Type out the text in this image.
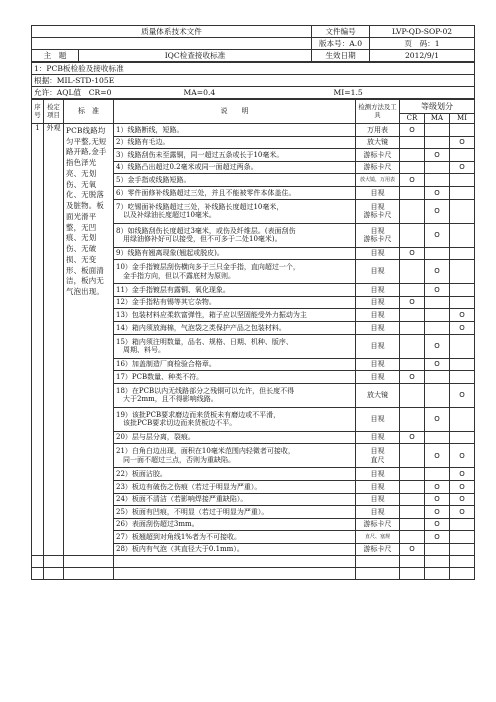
质量体系技术文件		文件编号	LVP-QD-SOP-02
		版本号：A.0	页　码：1
主　题	IQC检查接收标准	生效日期	2012/9/1
1：PCB板检验及接收标准
根据：MIL-STD-105E
允许：AQL值　CR=0	MA=0.4	MI=1.5
序号	检定项目	标　准	说　　明	检测方法及工具	等级划分		
					CR	MA	MI
1	外观	PCB线路均匀平整,无短路开路,金手指色泽光亮、无划伤、无氧化、无脱落及脏物。板面光滑平整，无凹痕、无划伤、无破损、无变形、板面清洁，板内无气泡出现。	1）线路断线，短路。	万用表	O		
			2）线路有毛边。	放大镜			O
			3）线路刮伤未至露铜，同一超过五条或长于10毫米。	游标卡尺		O	
			4）线路凸出超过0.2毫米或同一面超过两条。	游标卡尺			O
			5）金手指或线路短路。	放大镜，万用表	O		
			6）零件面修补线路超过三处，并且不能被零件本体盖住。	目视		O	
			7）吃锡面补线路超过三处，补线路长度超过10毫米，
　以及补绿油长度超过10毫米。	目视
游标卡尺		O	
			8）如线路刮伤长度超过3毫米，或伤及纤维层。(表面刮伤
　用绿油修补好可以接受，但不可多于二处10毫米)。	目视
游标卡尺		O	
			9）线路有翘离现象(翘起或脱皮)。	目视	O		
			10）金手指镀层刮伤横向多于三只金手指，直向超过一个，
　金手指方向，但以不露底材为原则。	目视		O	
			11）金手指镀层有露铜、氧化现象。	目视		O	
			12）金手指粘有锡等其它杂物。	目视	O		
			13）包装材料应柔软富弹性，箱子应以坚固能受外力振动为主	目视			O
			14）箱内须放海棉，气泡袋之类保护产品之包装材料。	目视			O
			15）箱内须注明数量，品名、规格、日期、机种、版序、
　周期、料号。	目视		O	
			16）加盖制造厂商检验合格章。	目视		O	
			17）PCB数量、种类不符。	目视	O		
			18）在PCB以内无线路部分之残铜可以允许，但长度不得
　大于2mm，且不得影响线路。	放大镜			O
			19）该批PCB要求磨边而来货板未有磨边或不平滑，
　该批PCB要求切边而来货板边不平。	目视		O	
			20）层与层分离，裂痕。	目视	O		
			21）白角白边出现，面积在10毫米范围内轻微者可接收，
　同一面不超过三点，否则为重缺陷。	目视
直尺		O	O
			22）板面沾胶。	目视			O
			23）板边有破伤之伤痕（若过于明显为严重）。	目视		O	O
			24）板面不清洁（若影响焊接严重缺陷）。	目视		O	O
			25）板面有凹痕，不明显（若过于明显为严重）。	目视		O	O
			26）表面刮伤超过3mm。	游标卡尺		O	
			27）板翘超到对角线1%者为不可接收。	直尺、塞规		O	
			28）板内有气泡（其直径大于0.1mm）。	游标卡尺	O		
